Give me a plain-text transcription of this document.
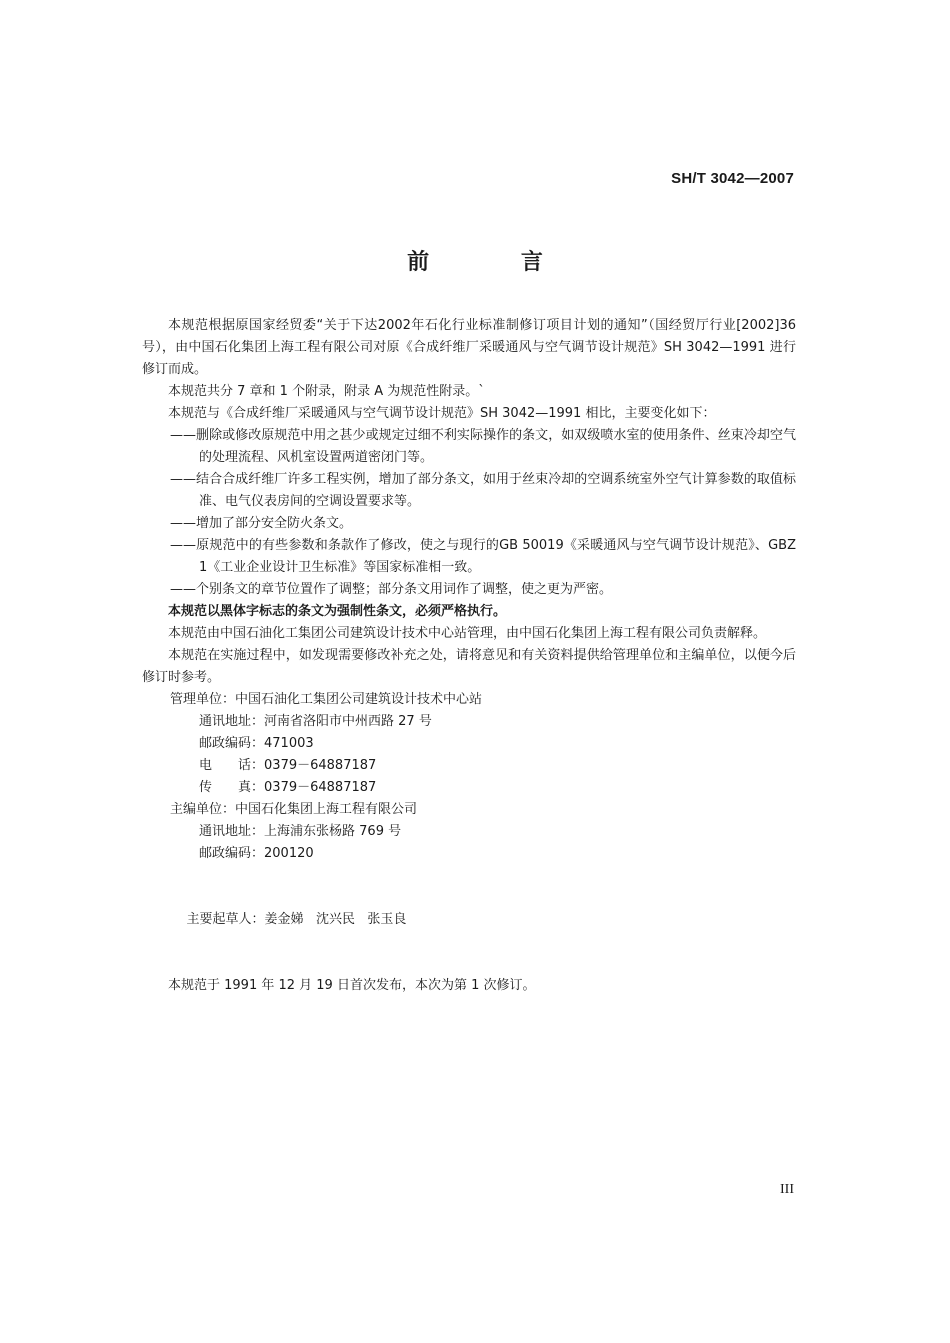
SH/T 3042—2007
前 言

本规范根据原国家经贸委“关于下达2002年石化行业标准制修订项目计划的通知”（国经贸厅行业[2002]36 号），由中国石化集团上海工程有限公司对原《合成纤维厂采暖通风与空气调节设计规范》SH 3042—1991 进行修订而成。

本规范共分 7 章和 1 个附录，附录 A 为规范性附录。`

本规范与《合成纤维厂采暖通风与空气调节设计规范》SH 3042—1991 相比，主要变化如下：

——删除或修改原规范中用之甚少或规定过细不利实际操作的条文，如双级喷水室的使用条件、丝束冷却空气的处理流程、风机室设置两道密闭门等。

——结合合成纤维厂许多工程实例，增加了部分条文，如用于丝束冷却的空调系统室外空气计算参数的取值标准、电气仪表房间的空调设置要求等。

——增加了部分安全防火条文。

——原规范中的有些参数和条款作了修改，使之与现行的GB 50019《采暖通风与空气调节设计规范》、GBZ 1《工业企业设计卫生标准》等国家标准相一致。

——个别条文的章节位置作了调整；部分条文用词作了调整，使之更为严密。

本规范以黑体字标志的条文为强制性条文，必须严格执行。

本规范由中国石油化工集团公司建筑设计技术中心站管理，由中国石化集团上海工程有限公司负责解释。

本规范在实施过程中，如发现需要修改补充之处，请将意见和有关资料提供给管理单位和主编单位，以便今后修订时参考。

管理单位： 中国石油化工集团公司建筑设计技术中心站
通讯地址： 河南省洛阳市中州西路 27 号
邮政编码： 471003
电话： 0379－64887187
传真： 0379－64887187
主编单位： 中国石化集团上海工程有限公司
通讯地址： 上海浦东张杨路 769 号
邮政编码： 200120

主要起草人：姜金娣   沈兴民   张玉良

本规范于 1991 年 12 月 19 日首次发布，本次为第 1 次修订。

III
